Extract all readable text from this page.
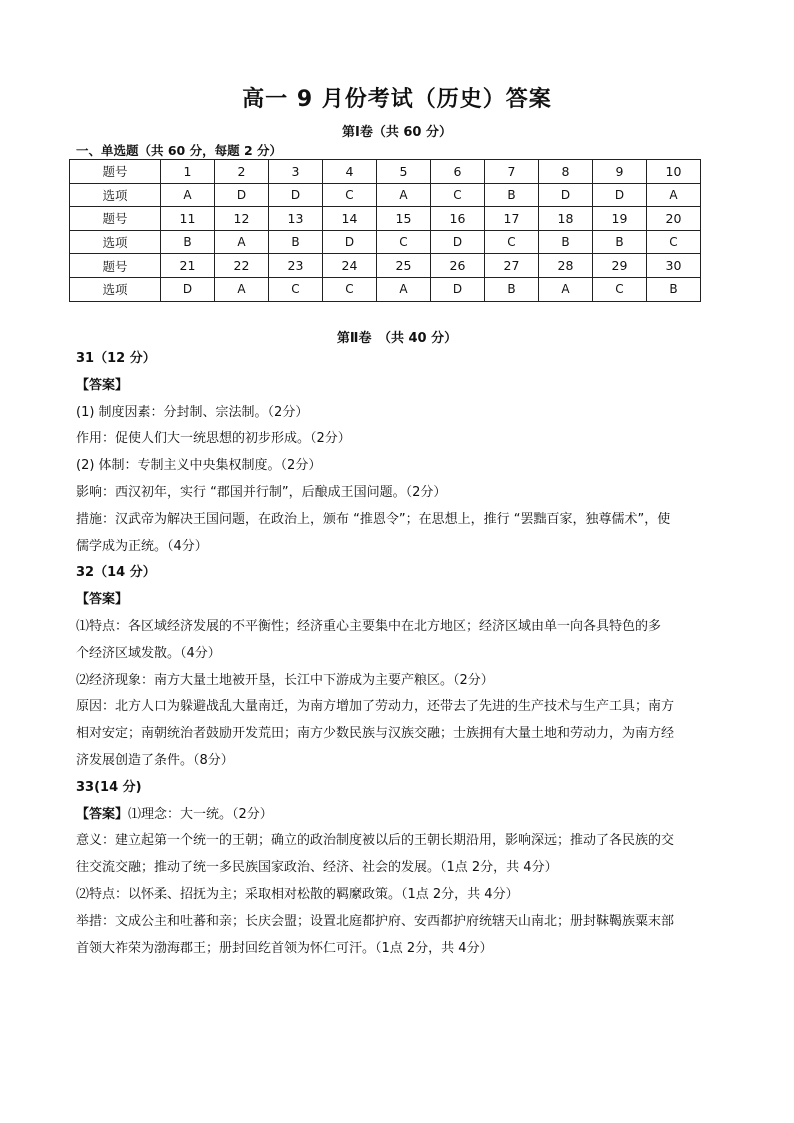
高一 9 月份考试（历史）答案
第Ⅰ卷（共 60 分）
一、单选题（共 60 分，每题 2 分）
题号	1	2	3	4	5	6	7	8	9	10
选项	A	D	D	C	A	C	B	D	D	A
题号	11	12	13	14	15	16	17	18	19	20
选项	B	A	B	D	C	D	C	B	B	C
题号	21	22	23	24	25	26	27	28	29	30
选项	D	A	C	C	A	D	B	A	C	B
第Ⅱ卷　（共 40 分）
31（12 分）
【答案】
(1) 制度因素：分封制、宗法制。（2分）
作用：促使人们大一统思想的初步形成。（2分）
(2) 体制：专制主义中央集权制度。（2分）
影响：西汉初年，实行 “郡国并行制”，后酿成王国问题。（2分）
措施：汉武帝为解决王国问题，在政治上，颁布 “推恩令”；在思想上，推行 “罢黜百家，独尊儒术”，使
儒学成为正统。（4分）
32（14 分）
【答案】
⑴特点：各区域经济发展的不平衡性；经济重心主要集中在北方地区；经济区域由单一向各具特色的多
个经济区域发散。（4分）
⑵经济现象：南方大量土地被开垦，长江中下游成为主要产粮区。（2分）
原因：北方人口为躲避战乱大量南迁，为南方增加了劳动力，还带去了先进的生产技术与生产工具；南方
相对安定；南朝统治者鼓励开发荒田；南方少数民族与汉族交融；士族拥有大量土地和劳动力，为南方经
济发展创造了条件。（8分）
33(14 分)
【答案】⑴理念：大一统。（2分）
意义：建立起第一个统一的王朝；确立的政治制度被以后的王朝长期沿用，影响深远；推动了各民族的交
往交流交融；推动了统一多民族国家政治、经济、社会的发展。（1点 2分，共 4分）
⑵特点：以怀柔、招抚为主；采取相对松散的羁縻政策。（1点 2分，共 4分）
举措：文成公主和吐蕃和亲；长庆会盟；设置北庭都护府、安西都护府统辖天山南北；册封靺鞨族粟末部
首领大祚荣为渤海郡王；册封回纥首领为怀仁可汗。（1点 2分，共 4分）
